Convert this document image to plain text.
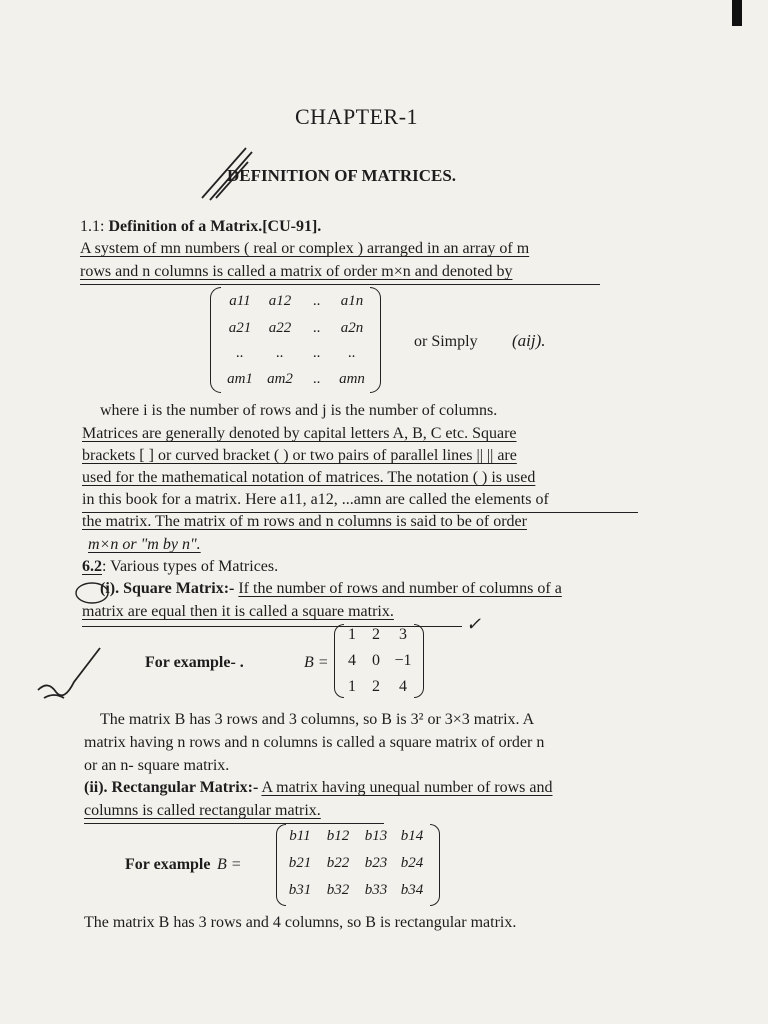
CHAPTER-1
DEFINITION OF MATRICES.
1.1: Definition of a Matrix.[CU-91].
A system of mn numbers ( real or complex ) arranged in an array of m
rows and n columns is called a matrix of order m×n and denoted by
a11	a12	..	a1n
a21	a22	..	a2n
..	..	..	..
am1 am2	..	amn
or Simply (aij).
where i is the number of rows and j is the number of columns.
Matrices are generally denoted by capital letters A, B, C etc. Square
brackets [ ] or curved bracket ( ) or two pairs of parallel lines || || are
used for the mathematical notation of matrices. The notation ( ) is used
in this book for a matrix. Here a11, a12, ...amn are called the elements of
the matrix. The matrix of m rows and n columns is said to be of order
m×n or "m by n".
6.2: Various types of Matrices.
(i). Square Matrix:- If the number of rows and number of columns of a
matrix are equal then it is called a square matrix.
✓
For example- .	B =
1	2	3
4	0 −1
1	2	4
The matrix B has 3 rows and 3 columns, so B is 3² or 3×3 matrix. A
matrix having n rows and n columns is called a square matrix of order n
or an n- square matrix.
(ii). Rectangular Matrix:- A matrix having unequal number of rows and
columns is called rectangular matrix.
For example B =
b11	b12	b13 b14
b21	b22	b23 b24
b31	b32	b33 b34
The matrix B has 3 rows and 4 columns, so B is rectangular matrix.
